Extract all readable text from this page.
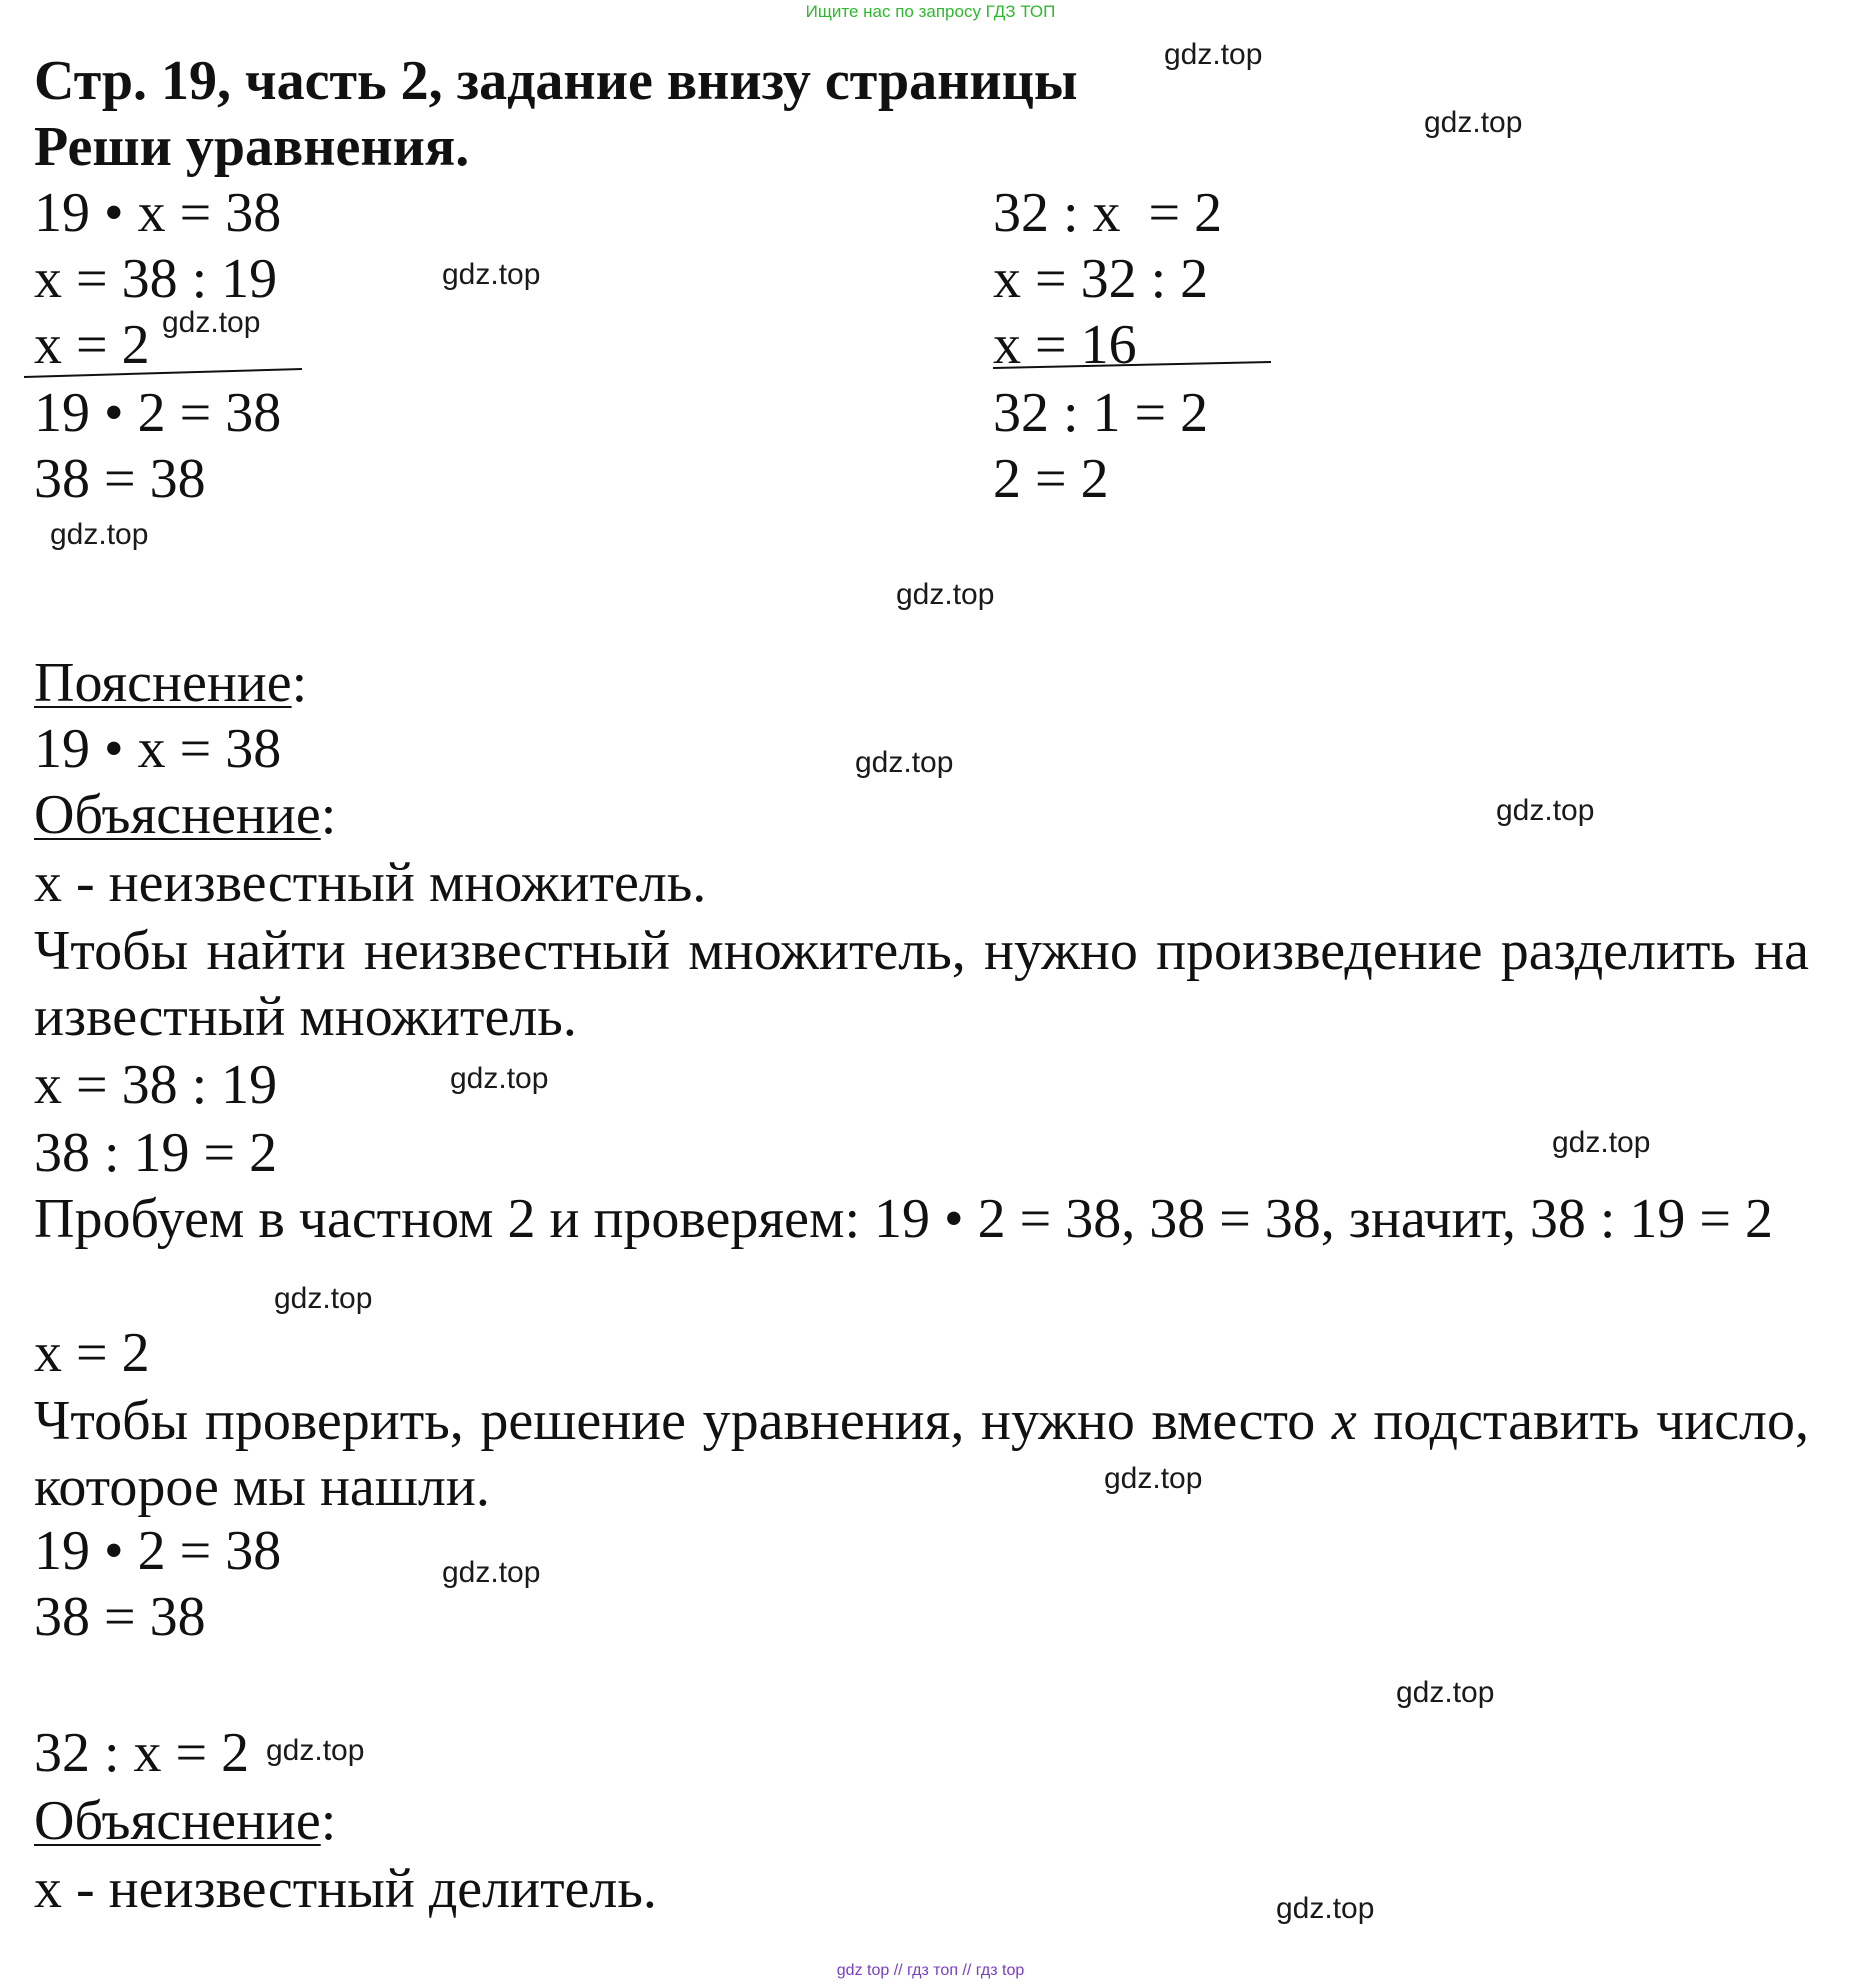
Ищите нас по запросу ГДЗ ТОП
Стр. 19, часть 2, задание внизу страницы
Реши уравнения.
19 • x = 38
x = 38 : 19
x = 2
19 • 2 = 38
38 = 38
32 : x  = 2
x = 32 : 2
x = 16
32 : 1 = 2
2 = 2
Пояснение:
19 • x = 38
Объяснение:
x - неизвестный множитель.
Чтобы найти неизвестный множитель, нужно произведение разделить на известный множитель.
x = 38 : 19
38 : 19 = 2
Пробуем в частном 2 и проверяем: 19 • 2 = 38, 38 = 38, значит, 38 : 19 = 2
x = 2
Чтобы проверить, решение уравнения, нужно вместо x подставить число, которое мы нашли.
19 • 2 = 38
38 = 38
32 : x = 2
Объяснение:
x - неизвестный делитель.
gdz.top
gdz.top
gdz.top
gdz.top
gdz.top
gdz.top
gdz.top
gdz.top
gdz.top
gdz.top
gdz.top
gdz.top
gdz.top
gdz.top
gdz.top
gdz.top
gdz top // гдз топ // гдз top
